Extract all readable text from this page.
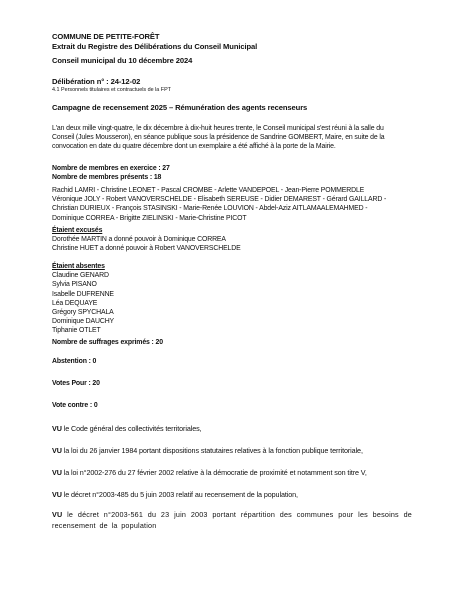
COMMUNE DE PETITE-FORÊT
Extrait du Registre des Délibérations du Conseil Municipal
Conseil municipal du 10 décembre 2024
Délibération n° : 24-12-02
4.1 Personnels titulaires et contractuels de la FPT
Campagne de recensement 2025 – Rémunération des agents recenseurs
L'an deux mille vingt-quatre, le dix décembre à dix-huit heures trente, le Conseil municipal s'est réuni à la salle du
Conseil (Jules Mousseron), en séance publique sous la présidence de Sandrine GOMBERT, Maire, en suite de la
convocation en date du quatre décembre dont un exemplaire a été affiché à la porte de la Mairie.
Nombre de membres en exercice : 27
Nombre de membres présents : 18
Rachid LAMRI - Christine LEONET - Pascal CROMBE - Arlette VANDEPOEL - Jean-Pierre POMMERDLE
Véronique JOLY - Robert VANOVERSCHELDE - Elisabeth SEREUSE - Didier DEMAREST - Gérard GAILLARD -
Christian DURIEUX - François STASINSKI - Marie-Renée LOUVION - Abdel-Aziz AITLAMAALEMAHMED -
Dominique CORREA - Brigitte ZIELINSKI - Marie-Christine PICOT
Étaient excusés
Dorothée MARTIN a donné pouvoir à Dominique CORREA
Christine HUET a donné pouvoir à Robert VANOVERSCHELDE
Étaient absentes
Claudine GENARD
Sylvia PISANO
Isabelle DUFRENNE
Léa DEQUAYE
Grégory SPYCHALA
Dominique DAUCHY
Tiphanie OTLET
Nombre de suffrages exprimés : 20
Abstention : 0
Votes Pour : 20
Vote contre : 0
VU le Code général des collectivités territoriales,
VU la loi du 26 janvier 1984 portant dispositions statutaires relatives à la fonction publique territoriale,
VU la loi n°2002-276 du 27 février 2002 relative à la démocratie de proximité et notamment son titre V,
VU le décret n°2003-485 du 5 juin 2003 relatif au recensement de la population,
VU le décret n°2003-561 du 23 juin 2003 portant répartition des communes pour les besoins de recensement de la population
